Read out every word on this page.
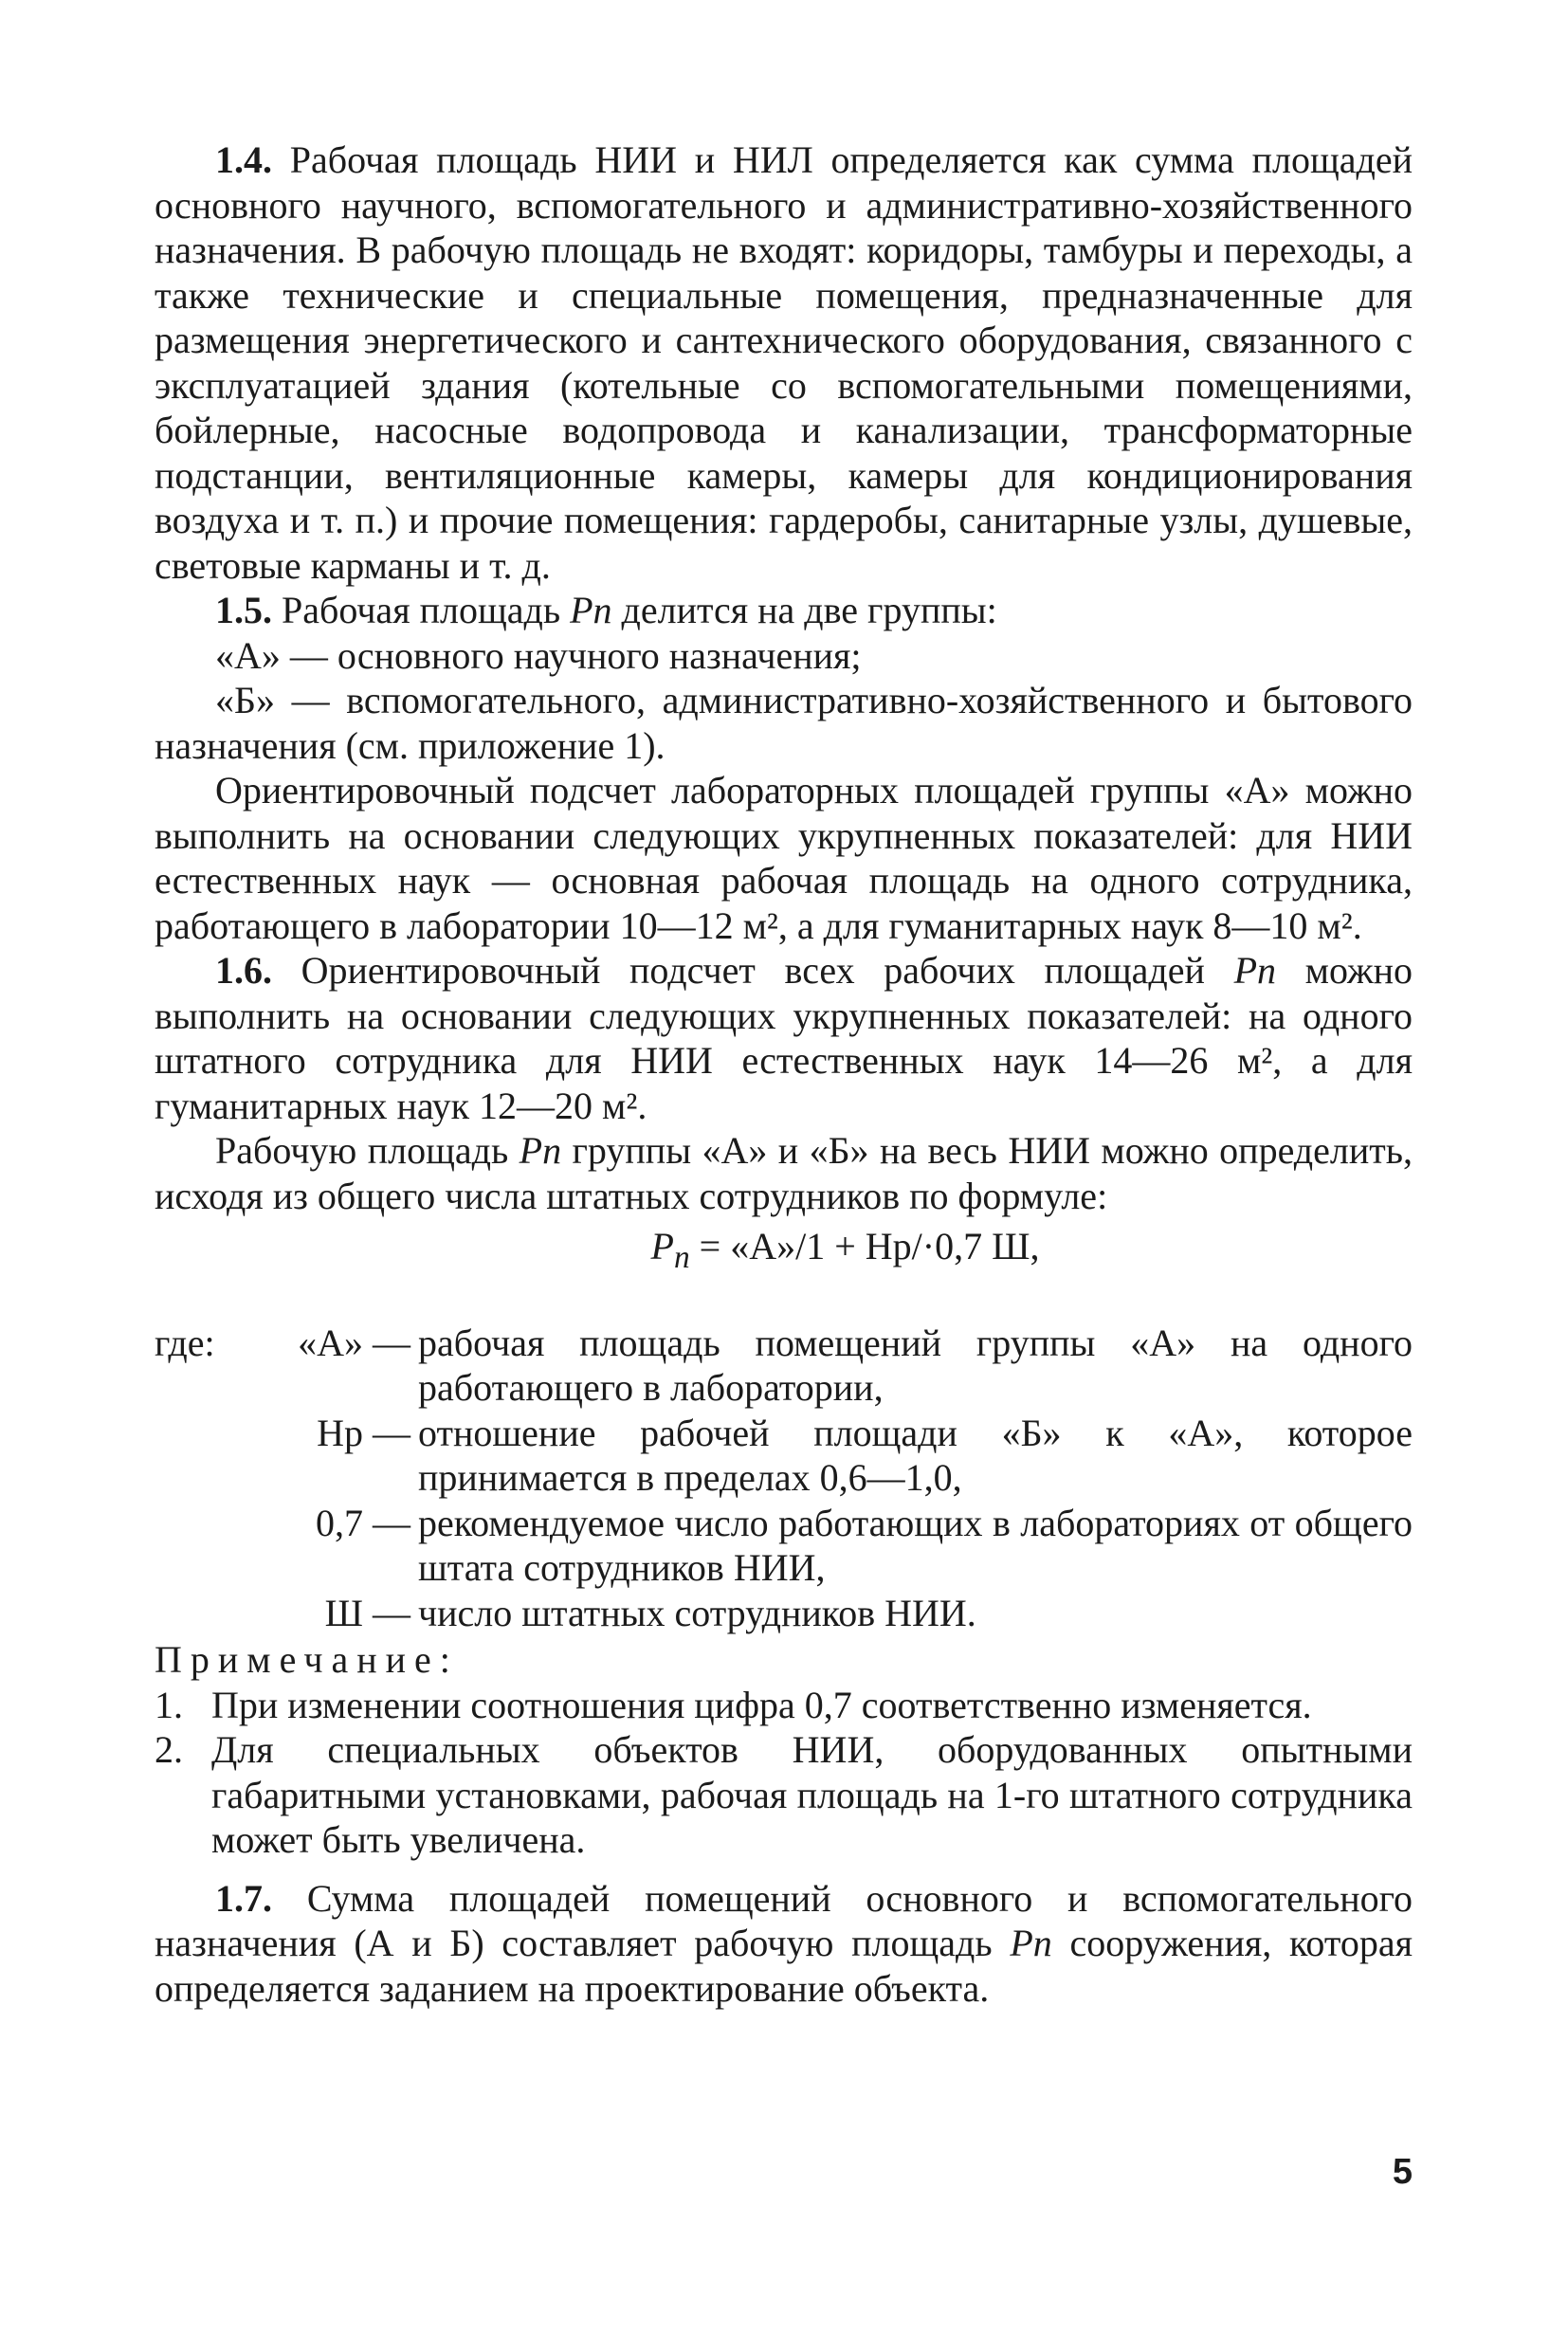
1.4. Рабочая площадь НИИ и НИЛ определяется как сумма площадей основного научного, вспомогательного и административно-хозяйственного назначения. В рабочую площадь не входят: коридоры, тамбуры и переходы, а также технические и специальные помещения, предназначенные для размещения энергетического и сантехнического оборудования, связанного с эксплуатацией здания (котельные со вспомогательными помещениями, бойлерные, насосные водопровода и канализации, трансформаторные подстанции, вентиляционные камеры, камеры для кондиционирования воздуха и т. п.) и прочие помещения: гардеробы, санитарные узлы, душевые, световые карманы и т. д.

1.5. Рабочая площадь Pn делится на две группы:

«А» — основного научного назначения;

«Б» — вспомогательного, административно-хозяйственного и бытового назначения (см. приложение 1).

Ориентировочный подсчет лабораторных площадей группы «А» можно выполнить на основании следующих укрупненных показателей: для НИИ естественных наук — основная рабочая площадь на одного сотрудника, работающего в лаборатории 10—12 м², а для гуманитарных наук 8—10 м².

1.6. Ориентировочный подсчет всех рабочих площадей Pn можно выполнить на основании следующих укрупненных показателей: на одного штатного сотрудника для НИИ естественных наук 14—26 м², а для гуманитарных наук 12—20 м².

Рабочую площадь Pn группы «А» и «Б» на весь НИИ можно определить, исходя из общего числа штатных сотрудников по формуле:

$P_n$ = «А»/1 + Нр/·0,7 Ш,

где: «А» — рабочая площадь помещений группы «А» на одного работающего в лаборатории,

Нр — отношение рабочей площади «Б» к «А», которое принимается в пределах 0,6—1,0,

0,7 — рекомендуемое число работающих в лабораториях от общего штата сотрудников НИИ,

Ш — число штатных сотрудников НИИ.

Примечание:

1. При изменении соотношения цифра 0,7 соответственно изменяется.

2. Для специальных объектов НИИ, оборудованных опытными габаритными установками, рабочая площадь на 1-го штатного сотрудника может быть увеличена.

1.7. Сумма площадей помещений основного и вспомогательного назначения (А и Б) составляет рабочую площадь Pn сооружения, которая определяется заданием на проектирование объекта.

5
